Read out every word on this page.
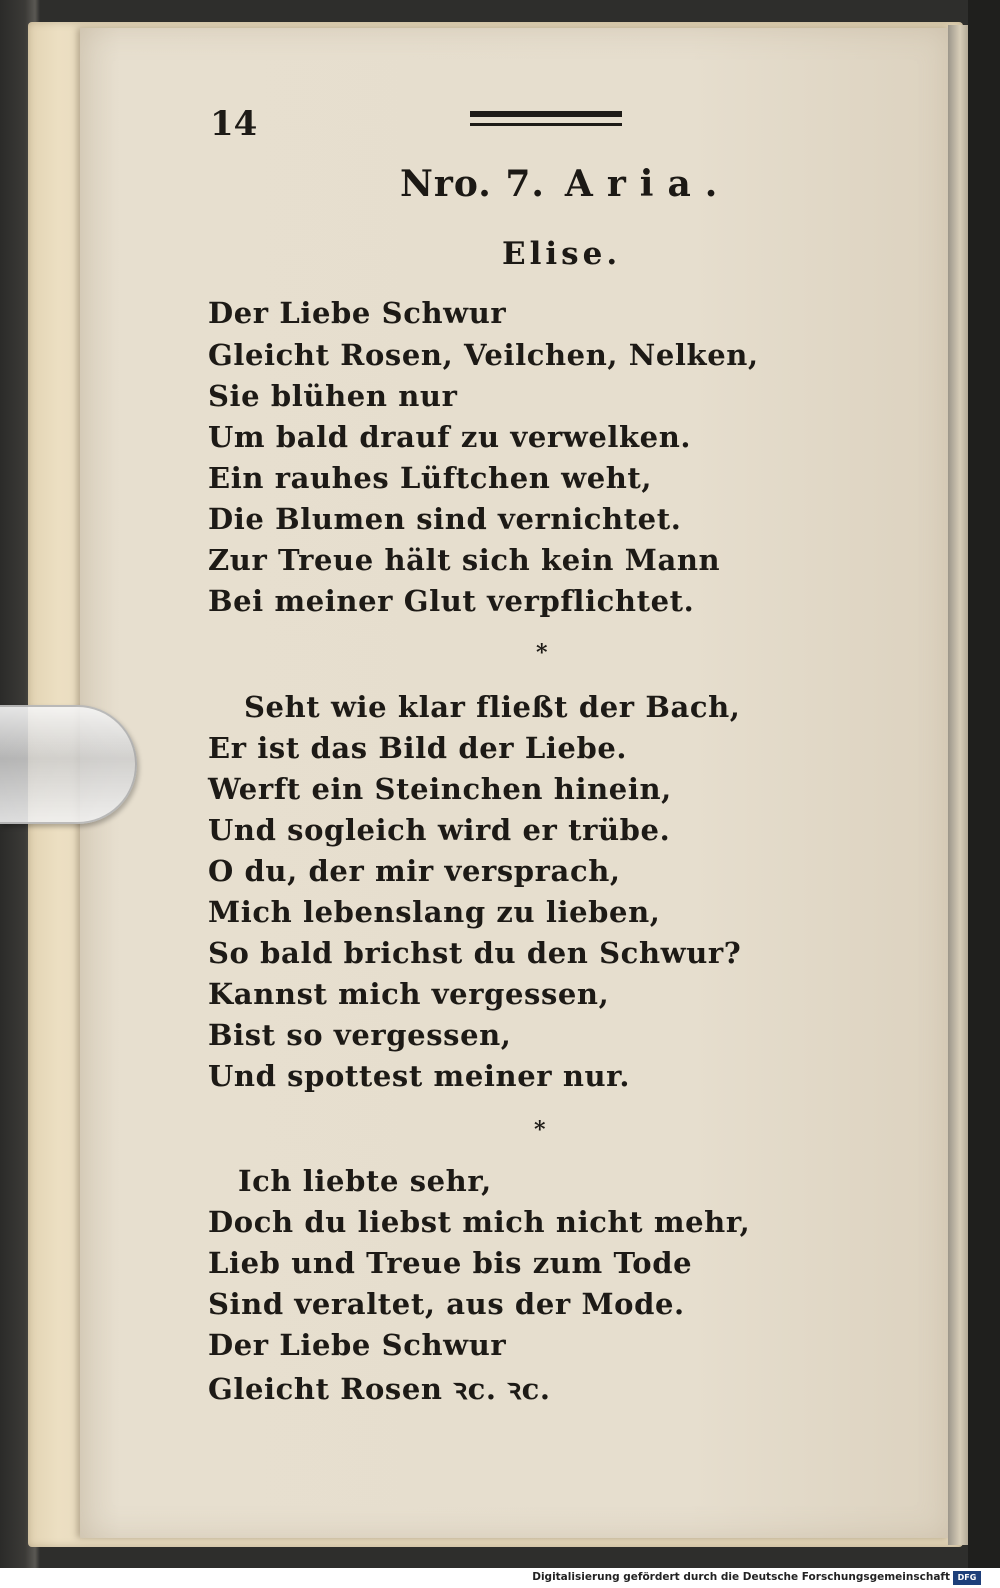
14
Nro. 7. Aria.
Elise.
Der Liebe Schwur
Gleicht Rosen, Veilchen, Nelken,
Sie blühen nur
Um bald drauf zu verwelken.
Ein rauhes Lüftchen weht,
Die Blumen sind vernichtet.
Zur Treue hält sich kein Mann
Bei meiner Glut verpflichtet.
*
Seht wie klar fließt der Bach,
Er ist das Bild der Liebe.
Werft ein Steinchen hinein,
Und sogleich wird er trübe.
O du, der mir versprach,
Mich lebenslang zu lieben,
So bald brichst du den Schwur?
Kannst mich vergessen,
Bist so vergessen,
Und spottest meiner nur.
*
Ich liebte sehr,
Doch du liebst mich nicht mehr,
Lieb und Treue bis zum Tode
Sind veraltet, aus der Mode.
Der Liebe Schwur
Gleicht Rosen ꝛc. ꝛc.
Digitalisierung gefördert durch die Deutsche Forschungsgemeinschaft DFG
